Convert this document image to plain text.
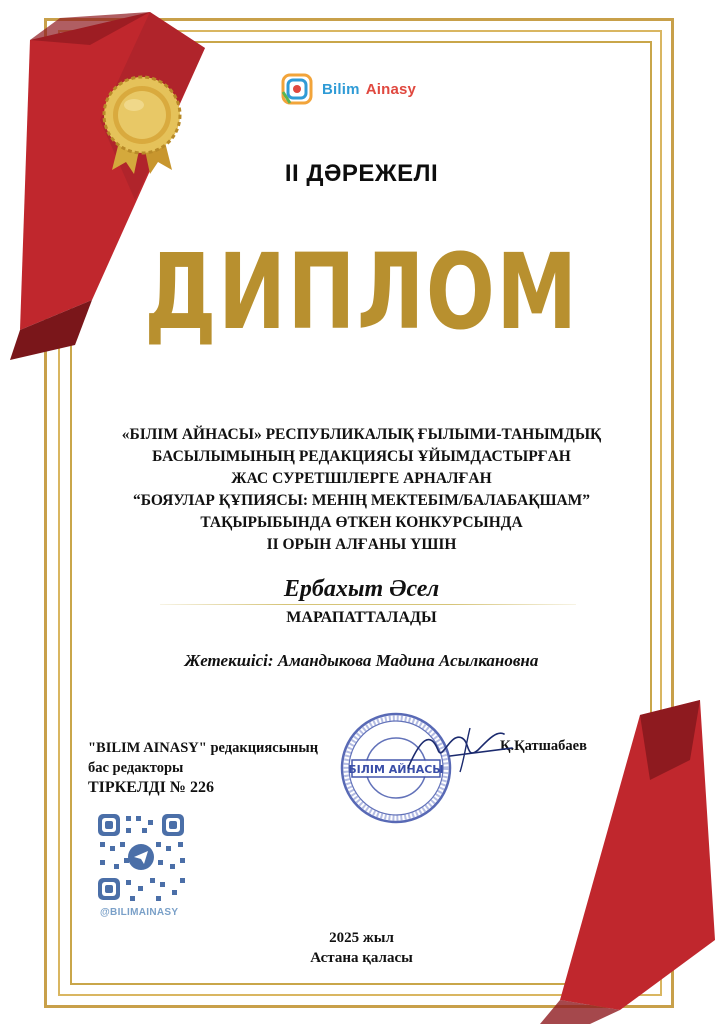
Bilim Ainasy
II ДӘРЕЖЕЛІ
ДИПЛОМ
«БІЛІМ АЙНАСЫ» РЕСПУБЛИКАЛЫҚ ҒЫЛЫМИ-ТАНЫМДЫҚ
БАСЫЛЫМЫНЫҢ РЕДАКЦИЯСЫ ҰЙЫМДАСТЫРҒАН
ЖАС СУРЕТШІЛЕРГЕ АРНАЛҒАН
“БОЯУЛАР ҚҰПИЯСЫ: МЕНІҢ МЕКТЕБІМ/БАЛАБАҚШАМ”
ТАҚЫРЫБЫНДА ӨТКЕН КОНКУРСЫНДА
II ОРЫН АЛҒАНЫ ҮШІН
Ербахыт Әсел
МАРАПАТТАЛАДЫ
Жетекшісі: Амандыкова Мадина Асылкановна
"BILIM AINASY" редакциясының
бас редакторы
Қ.Қатшабаев
ТІРКЕЛДІ № 226
БІЛІМ АЙНАСЫ
@BILIMAINASY
2025 жыл
Астана қаласы
